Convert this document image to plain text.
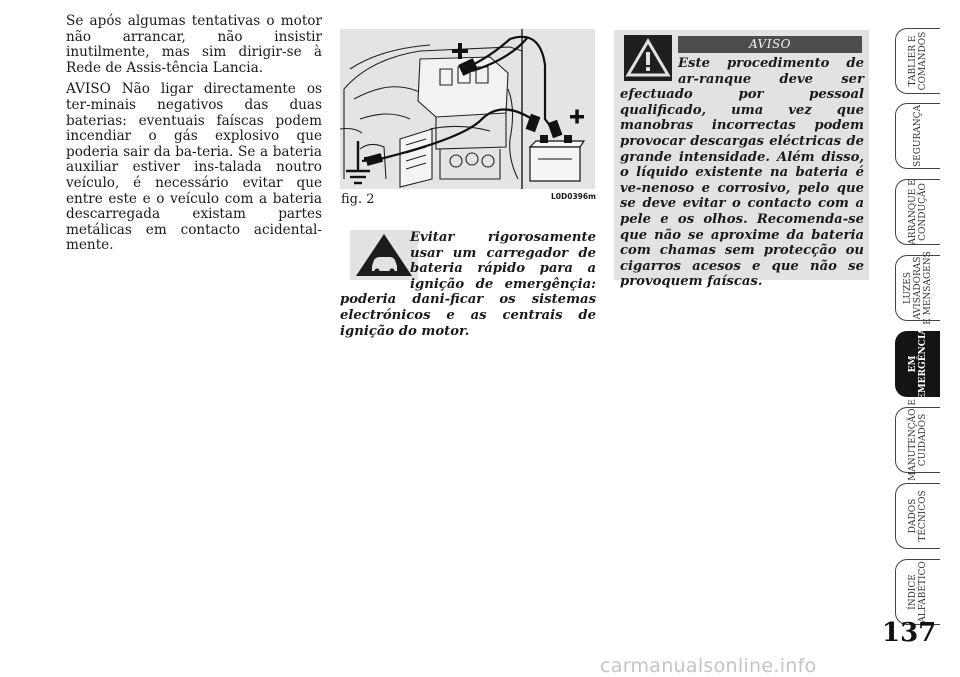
Se após algumas tentativas o motor não arrancar, não insistir inutilmente, mas sim dirigir-se à Rede de Assis-tência Lancia.

AVISO Não ligar directamente os ter-minais negativos das duas baterias: eventuais faíscas podem incendiar o gás explosivo que poderia sair da ba-teria. Se a bateria auxiliar estiver ins-talada noutro veículo, é necessário evitar que entre este e o veículo com a bateria descarregada existam partes metálicas em contacto acidental-mente.

fig. 2	L0D0396m
Evitar rigorosamente usar um carregador de bateria rápido para a ignição de emergênçia: poderia dani-ficar os sistemas electrónicos e as centrais de ignição do motor.
AVISO
Este procedimento de ar-ranque deve ser efectuado por pessoal qualificado, uma vez que manobras incorrectas podem provocar descargas eléctricas de grande intensidade. Além disso, o líquido existente na bateria é ve-nenoso e corrosivo, pelo que se deve evitar o contacto com a pele e os olhos. Recomenda-se que não se aproxime da bateria com chamas sem protecção ou cigarros acesos e que não se provoquem faíscas.
TABLIER E COMANDOS
SEGURANÇA
ARRANQUE E CONDUÇÃO
LUZES AVISADORAS E MENSAGENS
EM EMERGÊNCIA
MANUTENÇÃO E CUIDADOS
DADOS TÉCNICOS
ÍNDICE ALFABÉTICO
137
carmanualsonline.info
